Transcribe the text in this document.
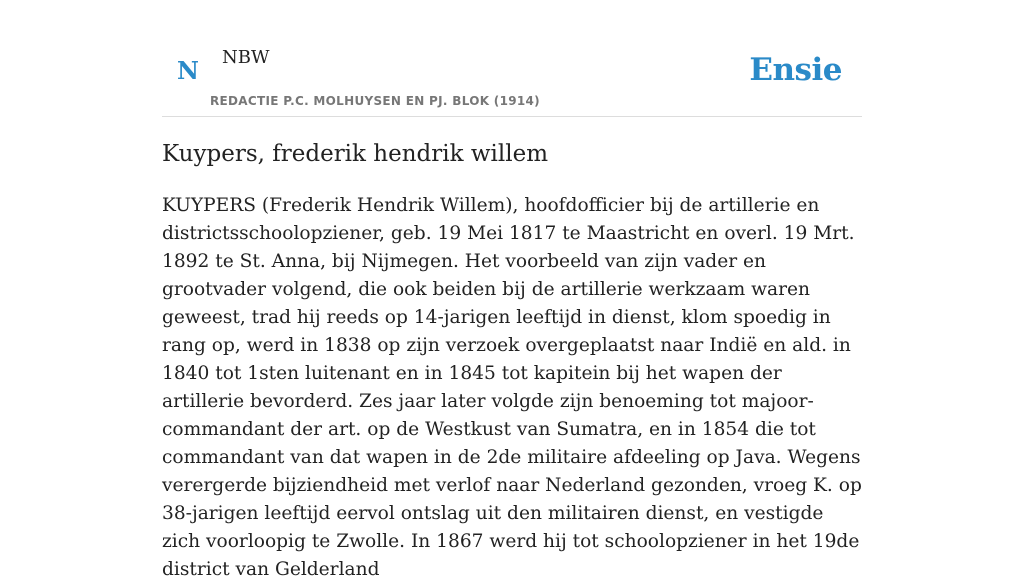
N NBW
REDACTIE P.C. MOLHUYSEN EN PJ. BLOK (1914)
Ensie
Kuypers, frederik hendrik willem

KUYPERS (Frederik Hendrik Willem), hoofdofficier bij de artillerie en districtsschoolopziener, geb. 19 Mei 1817 te Maastricht en overl. 19 Mrt. 1892 te St. Anna, bij Nijmegen. Het voorbeeld van zijn vader en grootvader volgend, die ook beiden bij de artillerie werkzaam waren geweest, trad hij reeds op 14-jarigen leeftijd in dienst, klom spoedig in rang op, werd in 1838 op zijn verzoek overgeplaatst naar Indië en ald. in 1840 tot 1sten luitenant en in 1845 tot kapitein bij het wapen der artillerie bevorderd. Zes jaar later volgde zijn benoeming tot majoor-commandant der art. op de Westkust van Sumatra, en in 1854 die tot commandant van dat wapen in de 2de militaire afdeeling op Java. Wegens verergerde bijziendheid met verlof naar Nederland gezonden, vroeg K. op 38-jarigen leeftijd eervol ontslag uit den militairen dienst, en vestigde zich voorloopig te Zwolle. In 1867 werd hij tot schoolopziener in het 19de district van Gelderland
